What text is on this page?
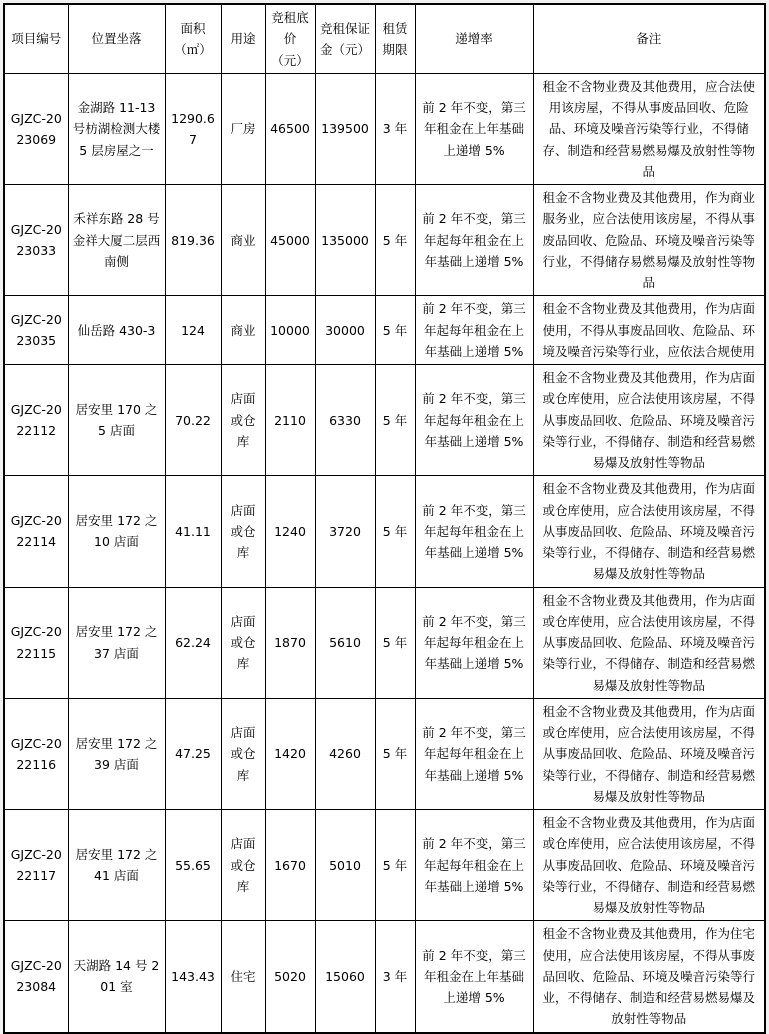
项目编号	位置坐落	面积（㎡）	用途	竞租底价（元）	竞租保证金（元）	租赁期限	递增率	备注
GJZC-2023069	金湖路 11-13 号枋湖检测大楼 5 层房屋之一	1290.67	厂房	46500	139500	3 年	前 2 年不变，第三年租金在上年基础上递增 5%	租金不含物业费及其他费用，应合法使用该房屋，不得从事废品回收、危险品、环境及噪音污染等行业，不得储存、制造和经营易燃易爆及放射性等物品
GJZC-2023033	禾祥东路 28 号金祥大厦二层西南侧	819.36	商业	45000	135000	5 年	前 2 年不变，第三年起每年租金在上年基础上递增 5%	租金不含物业费及其他费用，作为商业服务业，应合法使用该房屋，不得从事废品回收、危险品、环境及噪音污染等行业，不得储存易燃易爆及放射性等物品
GJZC-2023035	仙岳路 430-3	124	商业	10000	30000	5 年	前 2 年不变，第三年起每年租金在上年基础上递增 5%	租金不含物业费及其他费用，作为店面使用，不得从事废品回收、危险品、环境及噪音污染等行业，应依法合规使用
GJZC-2022112	居安里 170 之 5 店面	70.22	店面或仓库	2110	6330	5 年	前 2 年不变，第三年起每年租金在上年基础上递增 5%	租金不含物业费及其他费用，作为店面或仓库使用，应合法使用该房屋，不得从事废品回收、危险品、环境及噪音污染等行业，不得储存、制造和经营易燃易爆及放射性等物品
GJZC-2022114	居安里 172 之 10 店面	41.11	店面或仓库	1240	3720	5 年	前 2 年不变，第三年起每年租金在上年基础上递增 5%	租金不含物业费及其他费用，作为店面或仓库使用，应合法使用该房屋，不得从事废品回收、危险品、环境及噪音污染等行业，不得储存、制造和经营易燃易爆及放射性等物品
GJZC-2022115	居安里 172 之 37 店面	62.24	店面或仓库	1870	5610	5 年	前 2 年不变，第三年起每年租金在上年基础上递增 5%	租金不含物业费及其他费用，作为店面或仓库使用，应合法使用该房屋，不得从事废品回收、危险品、环境及噪音污染等行业，不得储存、制造和经营易燃易爆及放射性等物品
GJZC-2022116	居安里 172 之 39 店面	47.25	店面或仓库	1420	4260	5 年	前 2 年不变，第三年起每年租金在上年基础上递增 5%	租金不含物业费及其他费用，作为店面或仓库使用，应合法使用该房屋，不得从事废品回收、危险品、环境及噪音污染等行业，不得储存、制造和经营易燃易爆及放射性等物品
GJZC-2022117	居安里 172 之 41 店面	55.65	店面或仓库	1670	5010	5 年	前 2 年不变，第三年起每年租金在上年基础上递增 5%	租金不含物业费及其他费用，作为店面或仓库使用，应合法使用该房屋，不得从事废品回收、危险品、环境及噪音污染等行业，不得储存、制造和经营易燃易爆及放射性等物品
GJZC-2023084	天湖路 14 号 201 室	143.43	住宅	5020	15060	3 年	前 2 年不变，第三年租金在上年基础上递增 5%	租金不含物业费及其他费用，作为住宅使用，应合法使用该房屋，不得从事废品回收、危险品、环境及噪音污染等行业，不得储存、制造和经营易燃易爆及放射性等物品
